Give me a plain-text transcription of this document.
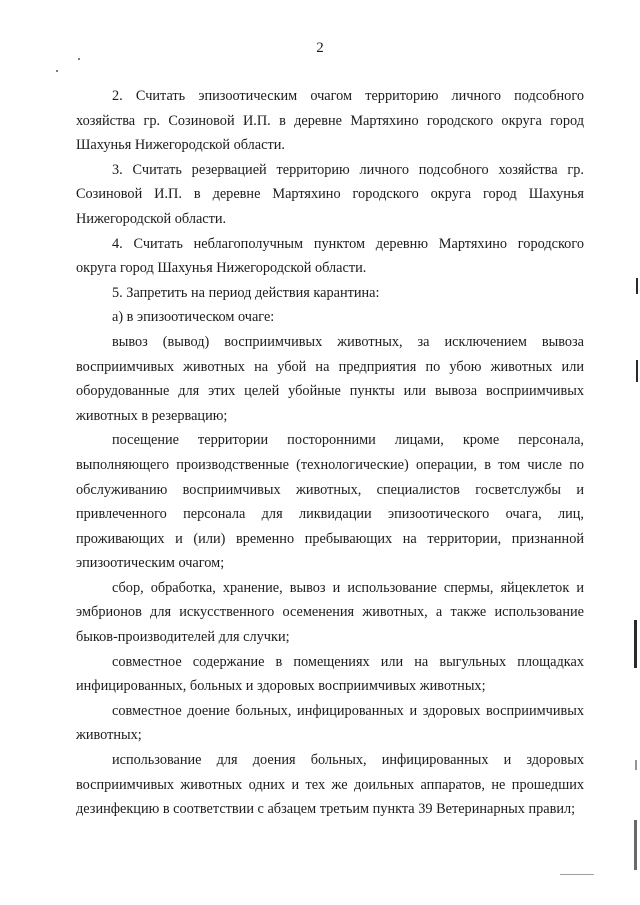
2

2. Считать эпизоотическим очагом территорию личного подсобного хозяйства гр. Созиновой И.П. в деревне Мартяхино городского округа город Шахунья Нижегородской области.

3. Считать резервацией территорию личного подсобного хозяйства гр. Созиновой И.П. в деревне Мартяхино городского округа город Шахунья Нижегородской области.

4. Считать неблагополучным пунктом деревню Мартяхино городского округа город Шахунья Нижегородской области.

5. Запретить на период действия карантина:

а) в эпизоотическом очаге:

вывоз (вывод) восприимчивых животных, за исключением вывоза восприимчивых животных на убой на предприятия по убою животных или оборудованные для этих целей убойные пункты или вывоза восприимчивых животных в резервацию;

посещение территории посторонними лицами, кроме персонала, выполняющего производственные (технологические) операции, в том числе по обслуживанию восприимчивых животных, специалистов госветслужбы и привлеченного персонала для ликвидации эпизоотического очага, лиц, проживающих и (или) временно пребывающих на территории, признанной эпизоотическим очагом;

сбор, обработка, хранение, вывоз и использование спермы, яйцеклеток и эмбрионов для искусственного осеменения животных, а также использование быков-производителей для случки;

совместное содержание в помещениях или на выгульных площадках инфицированных, больных и здоровых восприимчивых животных;

совместное доение больных, инфицированных и здоровых восприимчивых животных;

использование для доения больных, инфицированных и здоровых восприимчивых животных одних и тех же доильных аппаратов, не прошедших дезинфекцию в соответствии с абзацем третьим пункта 39 Ветеринарных правил;
